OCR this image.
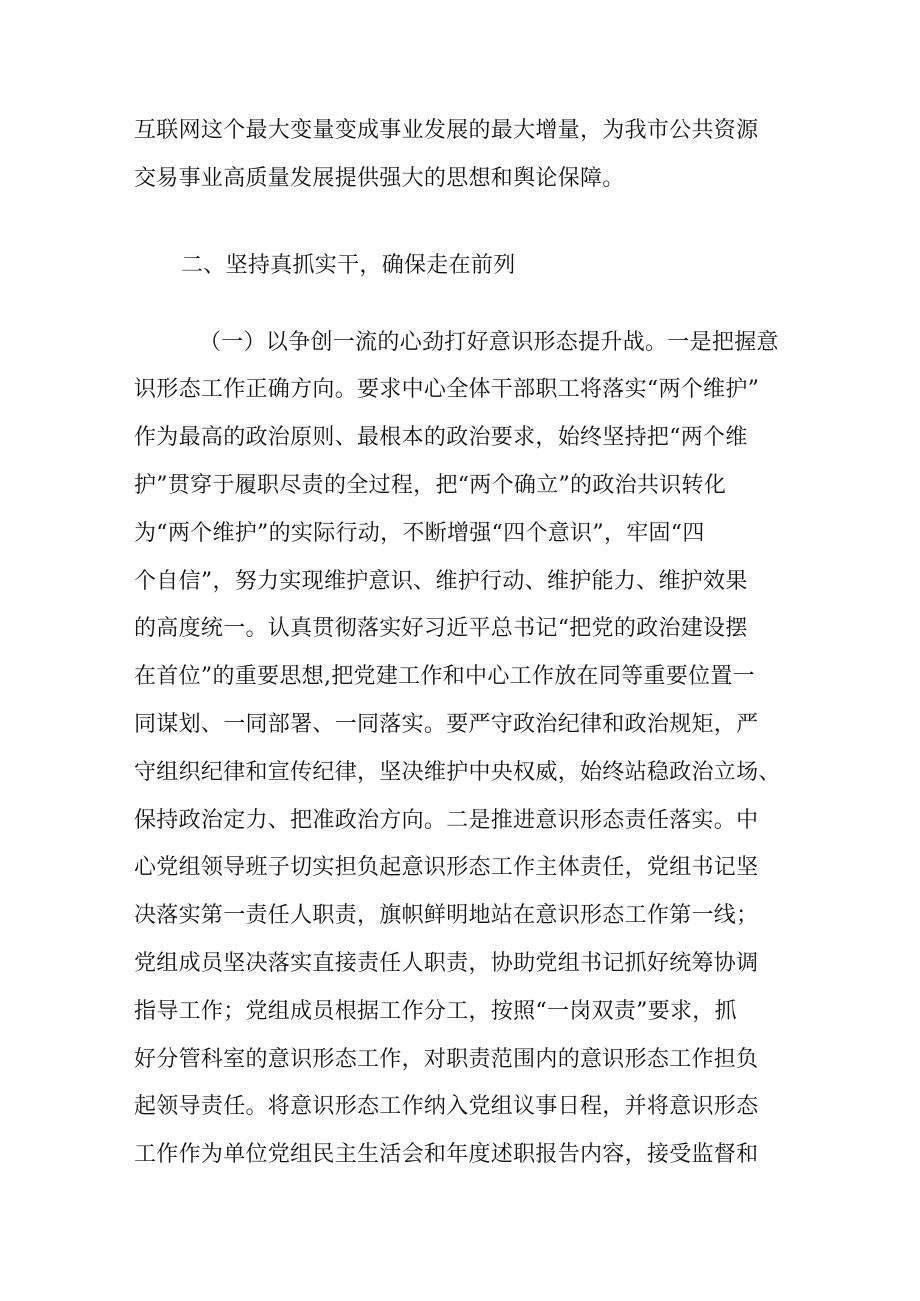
互联网这个最大变量变成事业发展的最大增量，为我市公共资源
交易事业高质量发展提供强大的思想和舆论保障。
二、坚持真抓实干，确保走在前列
（一）以争创一流的心劲打好意识形态提升战。一是把握意
识形态工作正确方向。要求中心全体干部职工将落实“两个维护”
作为最高的政治原则、最根本的政治要求，始终坚持把“两个维
护”贯穿于履职尽责的全过程，把“两个确立”的政治共识转化
为“两个维护”的实际行动，不断增强“四个意识”，牢固“四
个自信”，努力实现维护意识、维护行动、维护能力、维护效果
的高度统一。认真贯彻落实好习近平总书记“把党的政治建设摆
在首位”的重要思想,把党建工作和中心工作放在同等重要位置一
同谋划、一同部署、一同落实。要严守政治纪律和政治规矩，严
守组织纪律和宣传纪律，坚决维护中央权威，始终站稳政治立场、
保持政治定力、把准政治方向。二是推进意识形态责任落实。中
心党组领导班子切实担负起意识形态工作主体责任，党组书记坚
决落实第一责任人职责，旗帜鲜明地站在意识形态工作第一线；
党组成员坚决落实直接责任人职责，协助党组书记抓好统筹协调
指导工作；党组成员根据工作分工，按照“一岗双责”要求，抓
好分管科室的意识形态工作，对职责范围内的意识形态工作担负
起领导责任。将意识形态工作纳入党组议事日程，并将意识形态
工作作为单位党组民主生活会和年度述职报告内容，接受监督和
